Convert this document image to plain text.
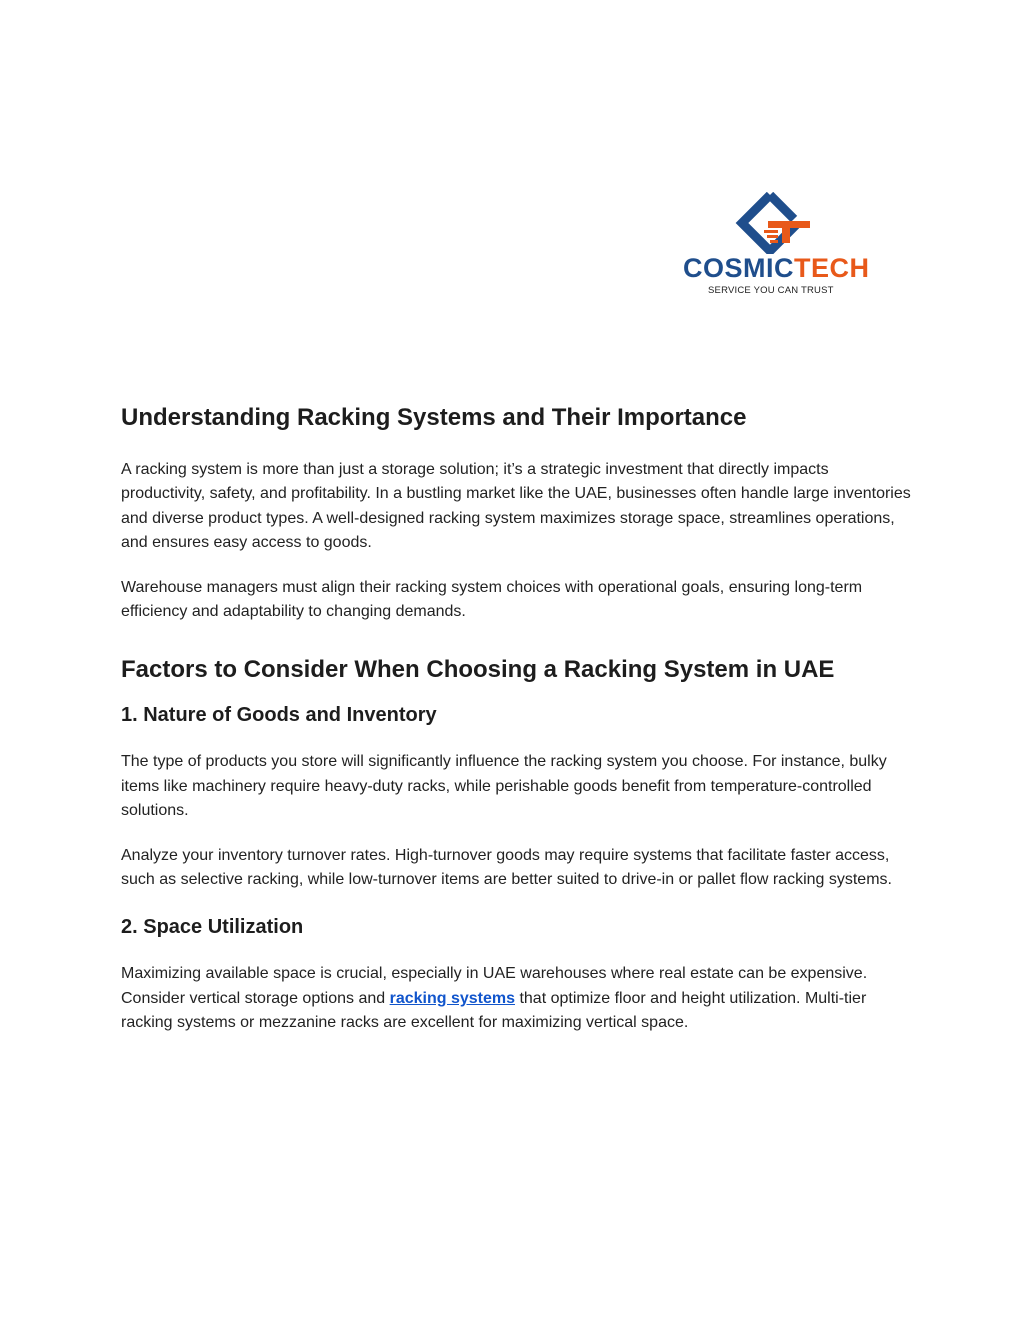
COSMICTECH
SERVICE YOU CAN TRUST
Understanding Racking Systems and Their Importance

A racking system is more than just a storage solution; it’s a strategic investment that directly impacts productivity, safety, and profitability. In a bustling market like the UAE, businesses often handle large inventories and diverse product types. A well-designed racking system maximizes storage space, streamlines operations, and ensures easy access to goods.

Warehouse managers must align their racking system choices with operational goals, ensuring long-term efficiency and adaptability to changing demands.

Factors to Consider When Choosing a Racking System in UAE
1. Nature of Goods and Inventory

The type of products you store will significantly influence the racking system you choose. For instance, bulky items like machinery require heavy-duty racks, while perishable goods benefit from temperature-controlled solutions.

Analyze your inventory turnover rates. High-turnover goods may require systems that facilitate faster access, such as selective racking, while low-turnover items are better suited to drive-in or pallet flow racking systems.

2. Space Utilization

Maximizing available space is crucial, especially in UAE warehouses where real estate can be expensive. Consider vertical storage options and racking systems that optimize floor and height utilization. Multi-tier racking systems or mezzanine racks are excellent for maximizing vertical space.
